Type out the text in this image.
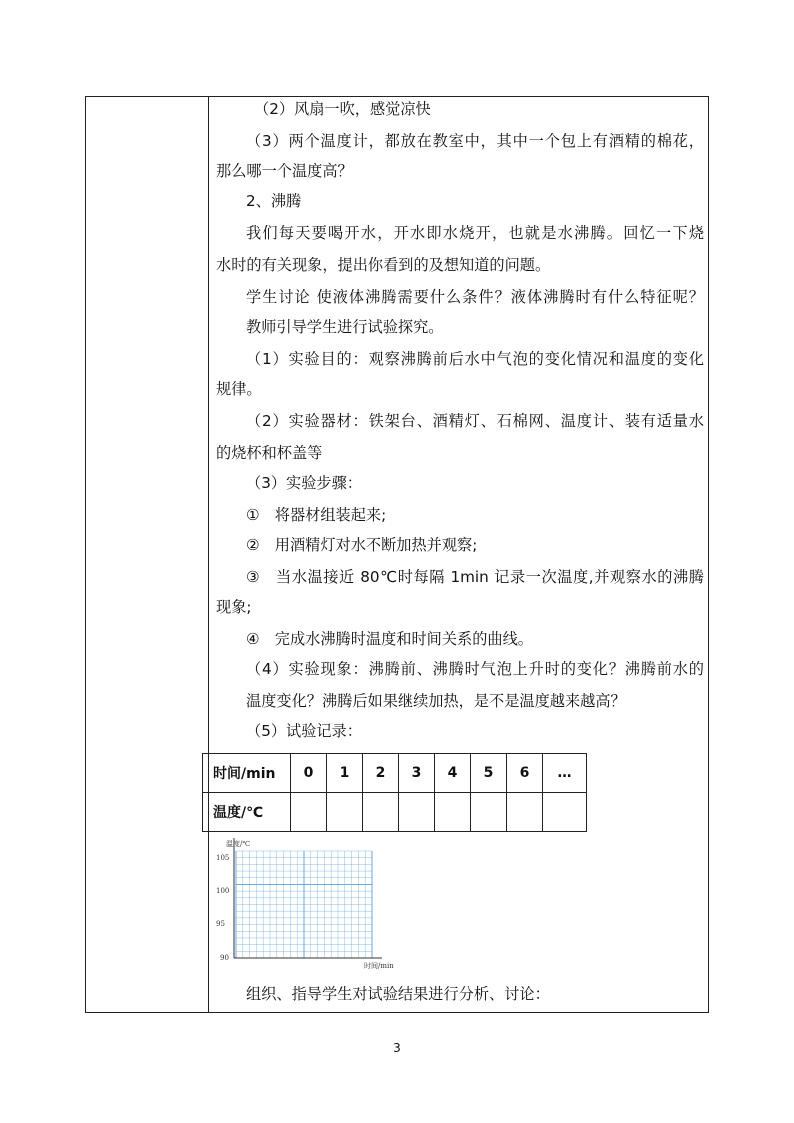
（2）风扇一吹，感觉凉快
（3）两个温度计，都放在教室中，其中一个包上有酒精的棉花，
那么哪一个温度高？
2、沸腾
我们每天要喝开水，开水即水烧开，也就是水沸腾。回忆一下烧
水时的有关现象，提出你看到的及想知道的问题。
学生讨论 使液体沸腾需要什么条件？液体沸腾时有什么特征呢？
教师引导学生进行试验探究。
（1）实验目的：观察沸腾前后水中气泡的变化情况和温度的变化
规律。
（2）实验器材：铁架台、酒精灯、石棉网、温度计、装有适量水
的烧杯和杯盖等
（3）实验步骤：
①　将器材组装起来;
②　用酒精灯对水不断加热并观察;
③　当水温接近 80℃时每隔 1min 记录一次温度,并观察水的沸腾
现象;
④　完成水沸腾时温度和时间关系的曲线。
（4）实验现象：沸腾前、沸腾时气泡上升时的变化？沸腾前水的
温度变化？沸腾后如果继续加热，是不是温度越来越高？
（5）试验记录：
时间/min	0	1	2	3	4	5	6	…
温度/℃								
温度/℃
时间/min
105
100
95
90
组织、指导学生对试验结果进行分析、讨论：
3
